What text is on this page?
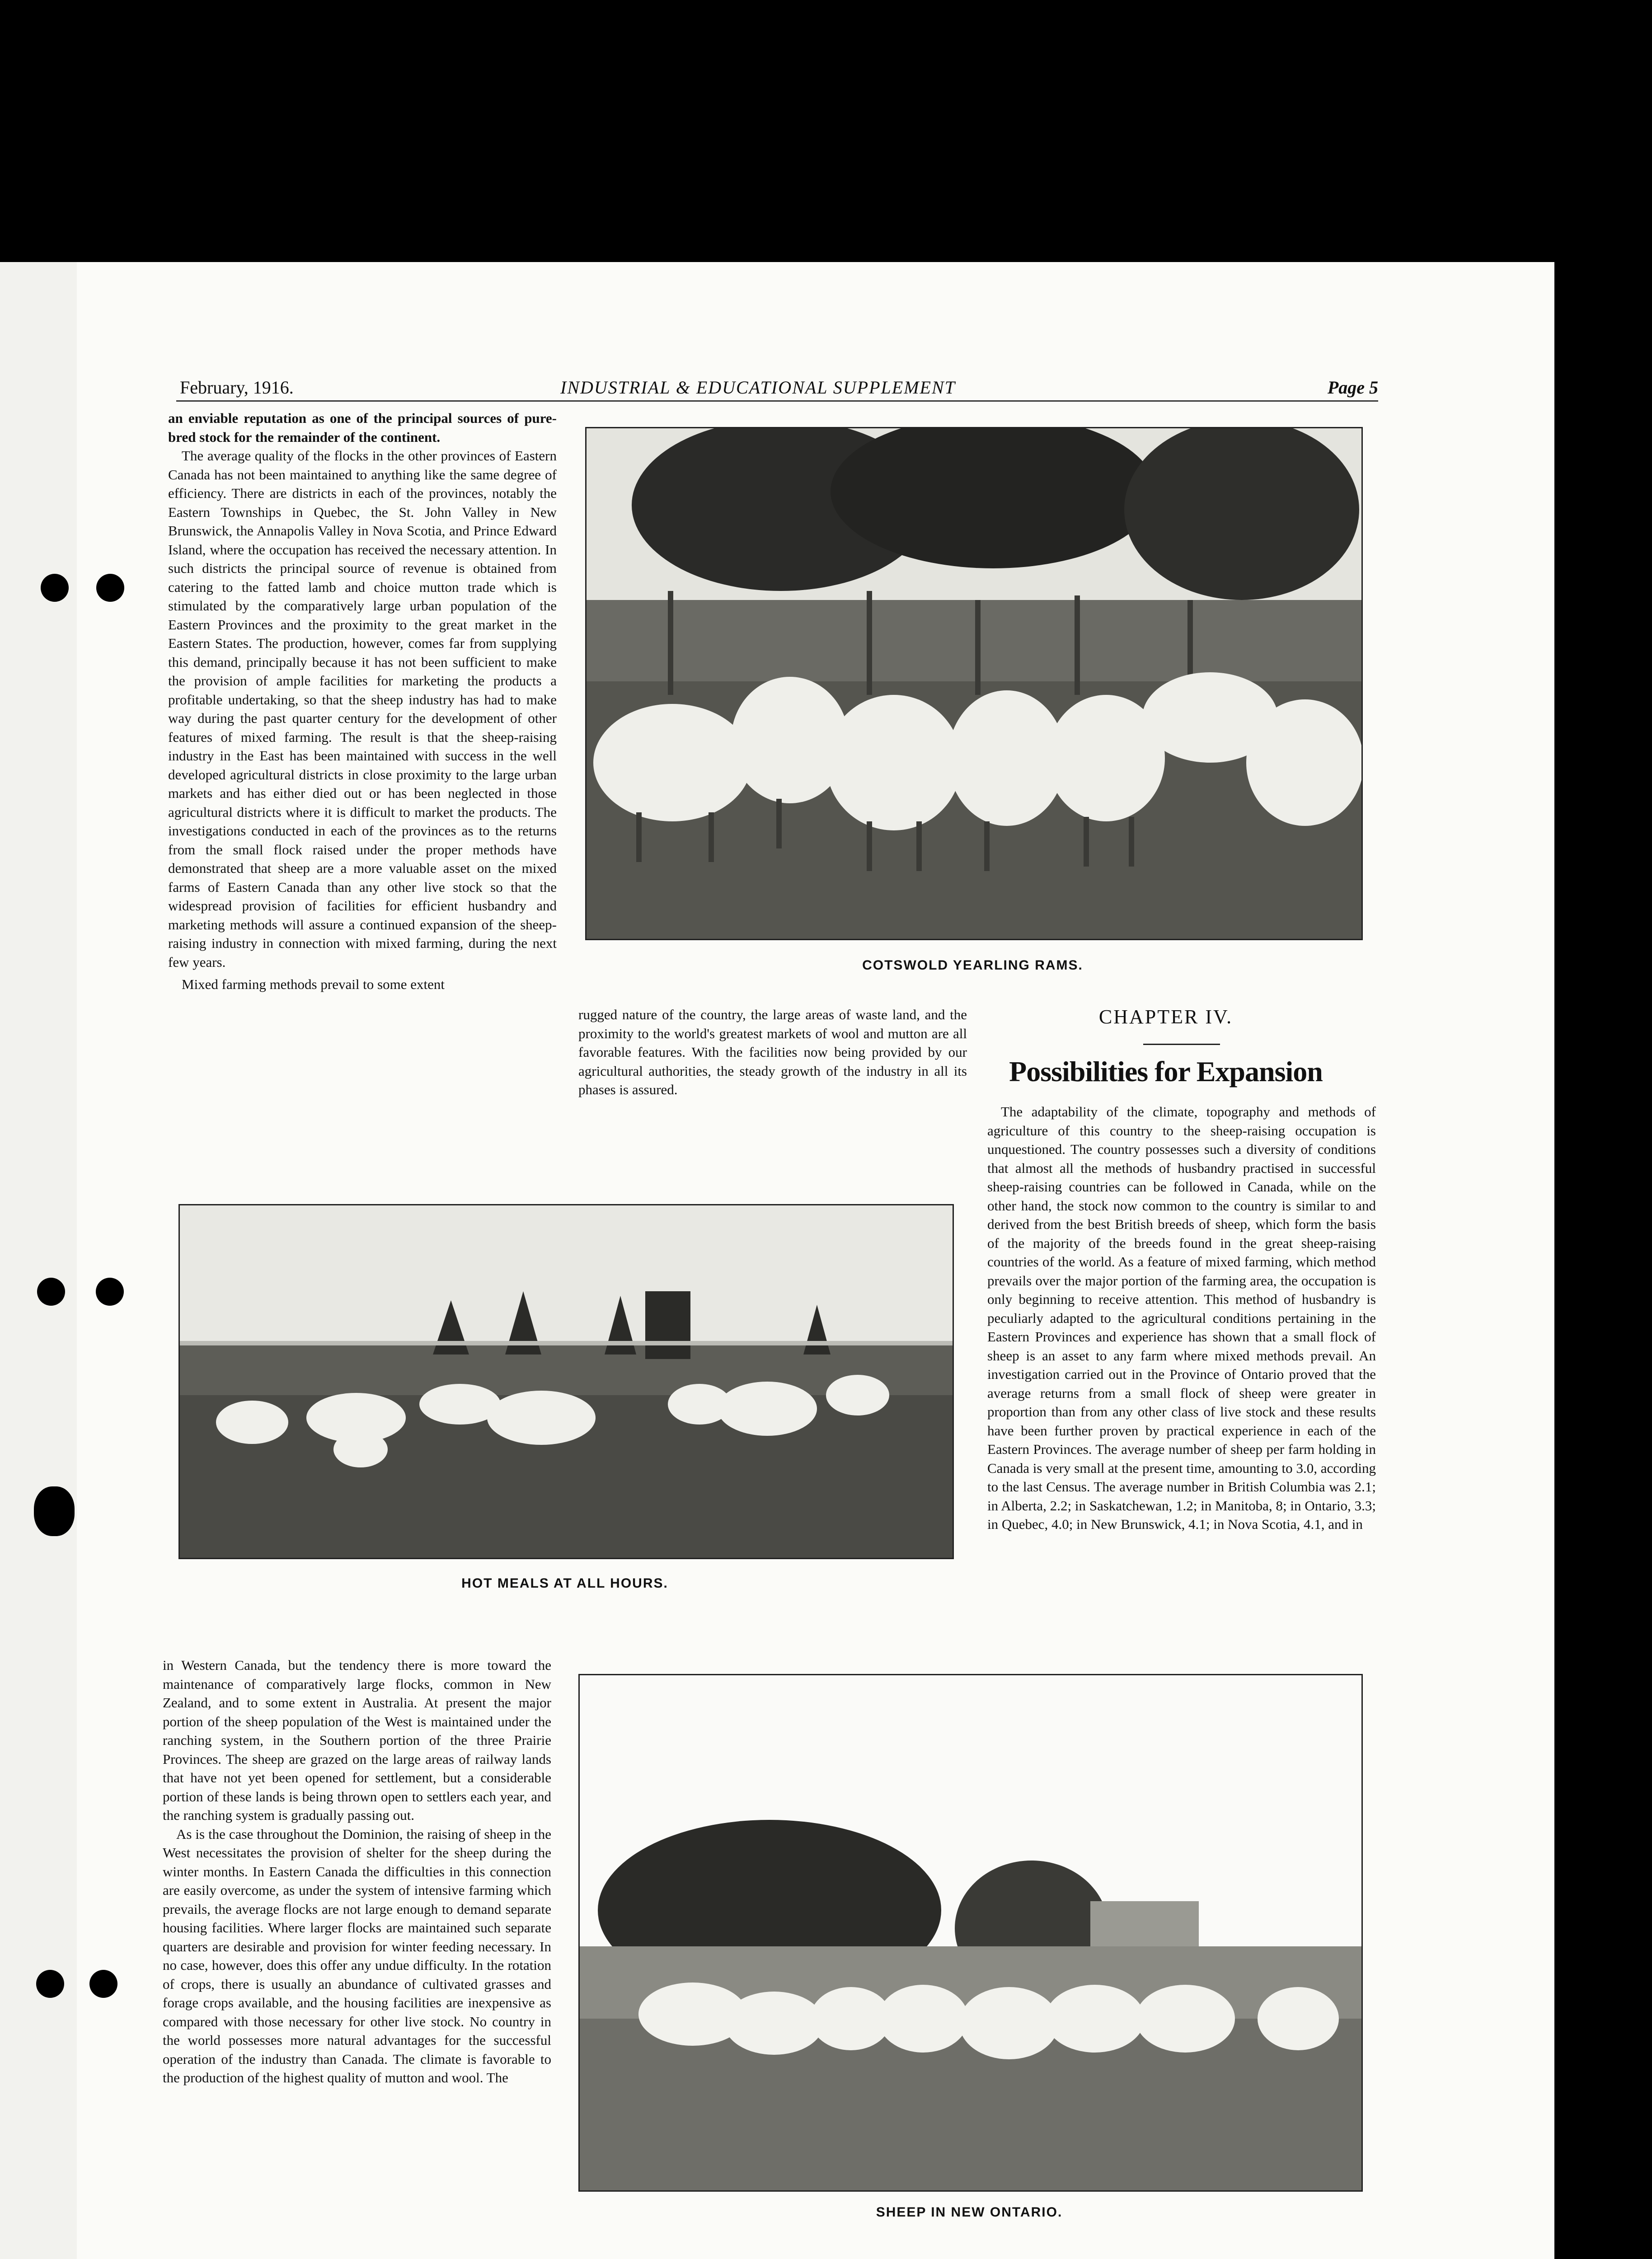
February, 1916.	INDUSTRIAL & EDUCATIONAL SUPPLEMENT	Page 5

an enviable reputation as one of the principal sources of pure-bred stock for the remainder of the continent.

The average quality of the flocks in the other provinces of Eastern Canada has not been maintained to anything like the same degree of efficiency. There are districts in each of the provinces, notably the Eastern Townships in Quebec, the St. John Valley in New Brunswick, the Annapolis Valley in Nova Scotia, and Prince Edward Island, where the occupation has received the necessary attention. In such districts the principal source of revenue is obtained from catering to the fatted lamb and choice mutton trade which is stimulated by the comparatively large urban population of the Eastern Provinces and the proximity to the great market in the Eastern States. The production, however, comes far from supplying this demand, principally because it has not been sufficient to make the provision of ample facilities for marketing the products a profitable undertaking, so that the sheep industry has had to make way during the past quarter century for the development of other features of mixed farming. The result is that the sheep-raising industry in the East has been maintained with success in the well developed agricultural districts in close proximity to the large urban markets and has either died out or has been neglected in those agricultural districts where it is difficult to market the products. The investigations conducted in each of the provinces as to the returns from the small flock raised under the proper methods have demonstrated that sheep are a more valuable asset on the mixed farms of Eastern Canada than any other live stock so that the widespread provision of facilities for efficient husbandry and marketing methods will assure a continued expansion of the sheep-raising industry in connection with mixed farming, during the next few years.

Mixed farming methods prevail to some extent

COTSWOLD YEARLING RAMS.

rugged nature of the country, the large areas of waste land, and the proximity to the world's greatest markets of wool and mutton are all favorable features. With the facilities now being provided by our agricultural authorities, the steady growth of the industry in all its phases is assured.

CHAPTER IV.
Possibilities for Expansion

The adaptability of the climate, topography and methods of agriculture of this country to the sheep-raising occupation is unquestioned. The country possesses such a diversity of conditions that almost all the methods of husbandry practised in successful sheep-raising countries can be followed in Canada, while on the other hand, the stock now common to the country is similar to and derived from the best British breeds of sheep, which form the basis of the majority of the breeds found in the great sheep-raising countries of the world. As a feature of mixed farming, which method prevails over the major portion of the farming area, the occupation is only beginning to receive attention. This method of husbandry is peculiarly adapted to the agricultural conditions pertaining in the Eastern Provinces and experience has shown that a small flock of sheep is an asset to any farm where mixed methods prevail. An investigation carried out in the Province of Ontario proved that the average returns from a small flock of sheep were greater in proportion than from any other class of live stock and these results have been further proven by practical experience in each of the Eastern Provinces. The average number of sheep per farm holding in Canada is very small at the present time, amounting to 3.0, according to the last Census. The average number in British Columbia was 2.1; in Alberta, 2.2; in Saskatchewan, 1.2; in Manitoba, 8; in Ontario, 3.3; in Quebec, 4.0; in New Brunswick, 4.1; in Nova Scotia, 4.1, and in

HOT MEALS AT ALL HOURS.

in Western Canada, but the tendency there is more toward the maintenance of comparatively large flocks, common in New Zealand, and to some extent in Australia. At present the major portion of the sheep population of the West is maintained under the ranching system, in the Southern portion of the three Prairie Provinces. The sheep are grazed on the large areas of railway lands that have not yet been opened for settlement, but a considerable portion of these lands is being thrown open to settlers each year, and the ranching system is gradually passing out.

As is the case throughout the Dominion, the raising of sheep in the West necessitates the provision of shelter for the sheep during the winter months. In Eastern Canada the difficulties in this connection are easily overcome, as under the system of intensive farming which prevails, the average flocks are not large enough to demand separate housing facilities. Where larger flocks are maintained such separate quarters are desirable and provision for winter feeding necessary. In no case, however, does this offer any undue difficulty. In the rotation of crops, there is usually an abundance of cultivated grasses and forage crops available, and the housing facilities are inexpensive as compared with those necessary for other live stock. No country in the world possesses more natural advantages for the successful operation of the industry than Canada. The climate is favorable to the production of the highest quality of mutton and wool. The

SHEEP IN NEW ONTARIO.
